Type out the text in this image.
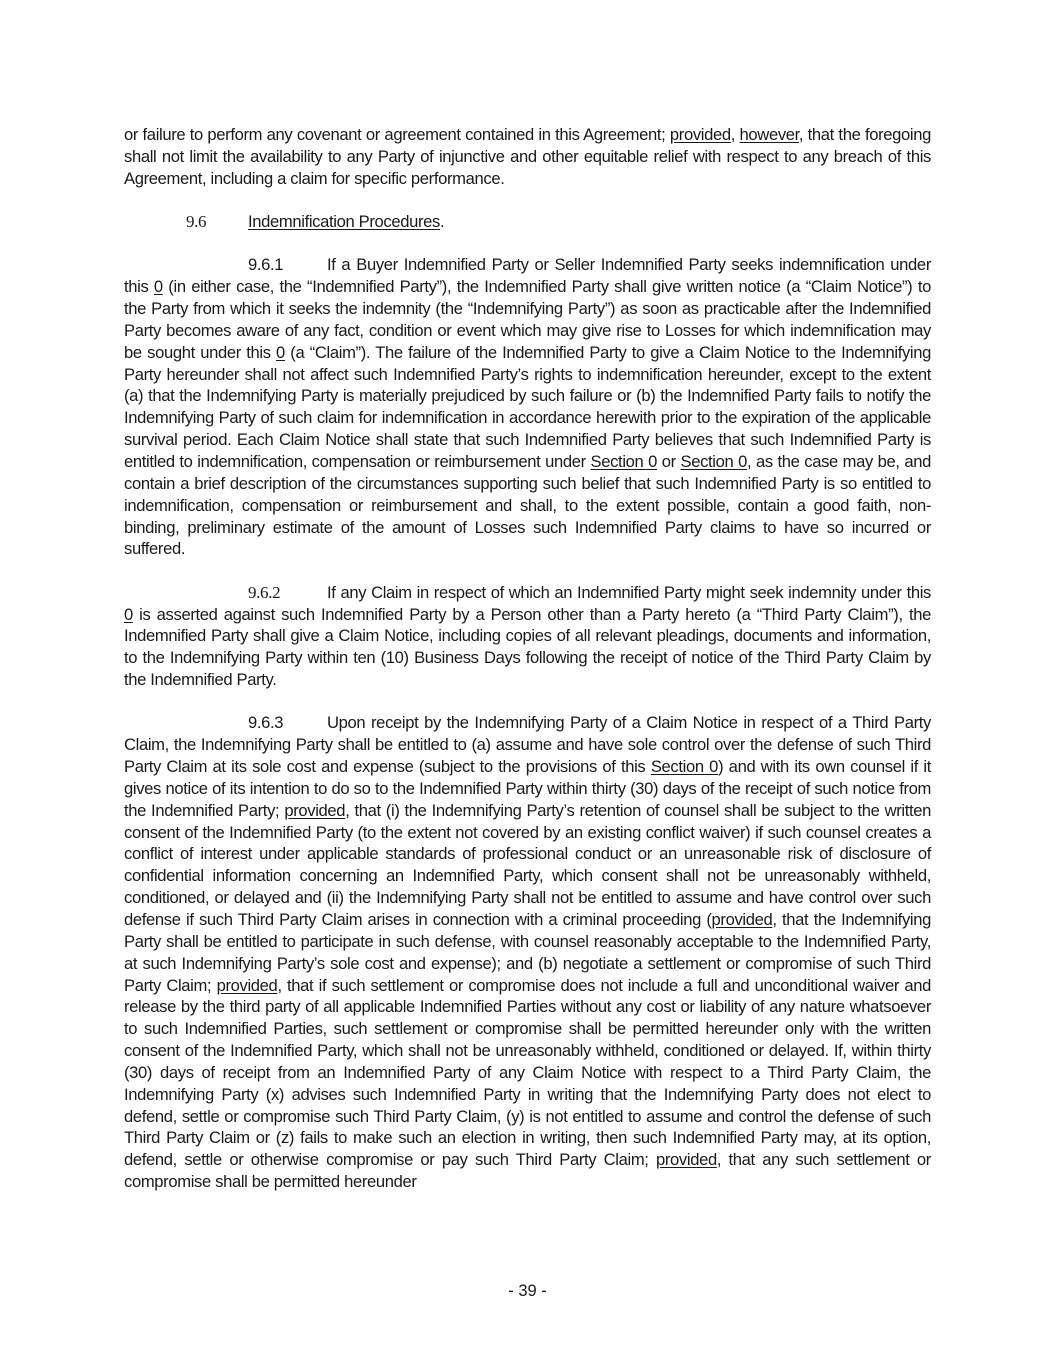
or failure to perform any covenant or agreement contained in this Agreement; provided, however, that the foregoing shall not limit the availability to any Party of injunctive and other equitable relief with respect to any breach of this Agreement, including a claim for specific performance.

9.6	Indemnification Procedures.

9.6.1	If a Buyer Indemnified Party or Seller Indemnified Party seeks indemnification under this 0 (in either case, the “Indemnified Party”), the Indemnified Party shall give written notice (a “Claim Notice”) to the Party from which it seeks the indemnity (the “Indemnifying Party”) as soon as practicable after the Indemnified Party becomes aware of any fact, condition or event which may give rise to Losses for which indemnification may be sought under this 0 (a “Claim”). The failure of the Indemnified Party to give a Claim Notice to the Indemnifying Party hereunder shall not affect such Indemnified Party’s rights to indemnification hereunder, except to the extent (a) that the Indemnifying Party is materially prejudiced by such failure or (b) the Indemnified Party fails to notify the Indemnifying Party of such claim for indemnification in accordance herewith prior to the expiration of the applicable survival period. Each Claim Notice shall state that such Indemnified Party believes that such Indemnified Party is entitled to indemnification, compensation or reimbursement under Section 0 or Section 0, as the case may be, and contain a brief description of the circumstances supporting such belief that such Indemnified Party is so entitled to indemnification, compensation or reimbursement and shall, to the extent possible, contain a good faith, non-binding, preliminary estimate of the amount of Losses such Indemnified Party claims to have so incurred or suffered.

9.6.2	If any Claim in respect of which an Indemnified Party might seek indemnity under this 0 is asserted against such Indemnified Party by a Person other than a Party hereto (a “Third Party Claim”), the Indemnified Party shall give a Claim Notice, including copies of all relevant pleadings, documents and information, to the Indemnifying Party within ten (10) Business Days following the receipt of notice of the Third Party Claim by the Indemnified Party.

9.6.3	Upon receipt by the Indemnifying Party of a Claim Notice in respect of a Third Party Claim, the Indemnifying Party shall be entitled to (a) assume and have sole control over the defense of such Third Party Claim at its sole cost and expense (subject to the provisions of this Section 0) and with its own counsel if it gives notice of its intention to do so to the Indemnified Party within thirty (30) days of the receipt of such notice from the Indemnified Party; provided, that (i) the Indemnifying Party’s retention of counsel shall be subject to the written consent of the Indemnified Party (to the extent not covered by an existing conflict waiver) if such counsel creates a conflict of interest under applicable standards of professional conduct or an unreasonable risk of disclosure of confidential information concerning an Indemnified Party, which consent shall not be unreasonably withheld, conditioned, or delayed and (ii) the Indemnifying Party shall not be entitled to assume and have control over such defense if such Third Party Claim arises in connection with a criminal proceeding (provided, that the Indemnifying Party shall be entitled to participate in such defense, with counsel reasonably acceptable to the Indemnified Party, at such Indemnifying Party’s sole cost and expense); and (b) negotiate a settlement or compromise of such Third Party Claim; provided, that if such settlement or compromise does not include a full and unconditional waiver and release by the third party of all applicable Indemnified Parties without any cost or liability of any nature whatsoever to such Indemnified Parties, such settlement or compromise shall be permitted hereunder only with the written consent of the Indemnified Party, which shall not be unreasonably withheld, conditioned or delayed. If, within thirty (30) days of receipt from an Indemnified Party of any Claim Notice with respect to a Third Party Claim, the Indemnifying Party (x) advises such Indemnified Party in writing that the Indemnifying Party does not elect to defend, settle or compromise such Third Party Claim, (y) is not entitled to assume and control the defense of such Third Party Claim or (z) fails to make such an election in writing, then such Indemnified Party may, at its option, defend, settle or otherwise compromise or pay such Third Party Claim; provided, that any such settlement or compromise shall be permitted hereunder

- 39 -
